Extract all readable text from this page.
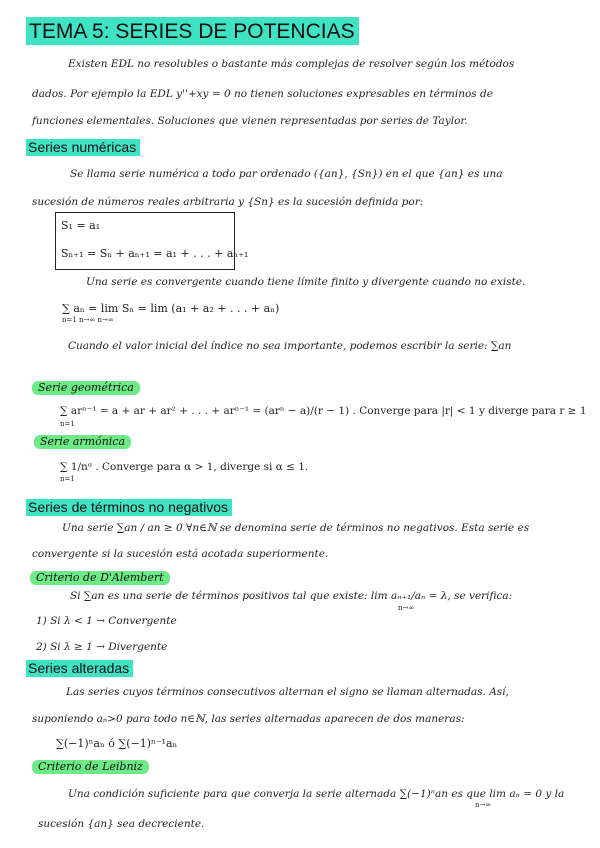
TEMA 5: SERIES DE POTENCIAS
Existen EDL no resolubles o bastante más complejas de resolver según los métodos
dados. Por ejemplo la EDL y''+xy = 0 no tienen soluciones expresables en términos de
funciones elementales. Soluciones que vienen representadas por series de Taylor.
Series numéricas
Se llama serie numérica a todo par ordenado ({an}, {Sn}) en el que {an} es una
sucesión de números reales arbitraria y {Sn} es la sucesión definida por:
S₁ = a₁
Sₙ₊₁ = Sₙ + aₙ₊₁ = a₁ + . . . + aₙ₊₁
Una serie es convergente cuando tiene límite finito y divergente cuando no existe.
∑ aₙ = lim Sₙ = lim (a₁ + a₂ + . . . + aₙ)
n=1 n→∞ n→∞
Cuando el valor inicial del índice no sea importante, podemos escribir la serie: ∑an
Serie geométrica
∑ arⁿ⁻¹ = a + ar + ar² + . . . + arⁿ⁻¹ = (arⁿ − a)/(r − 1) . Converge para |r| < 1 y diverge para r ≥ 1
n=1
Serie armónica
∑ 1/nᵅ . Converge para α > 1, diverge si α ≤ 1.
n=1
Series de términos no negativos
Una serie ∑an / an ≥ 0 ∀n∈ℕ se denomina serie de términos no negativos. Esta serie es
convergente si la sucesión está acotada superiormente.
Criterio de D'Alembert
Si ∑an es una serie de términos positivos tal que existe: lim aₙ₊₁/aₙ = λ, se verifica:
n→∞
1) Si λ < 1 → Convergente
2) Si λ ≥ 1 → Divergente
Series alteradas
Las series cuyos términos consecutivos alternan el signo se llaman alternadas. Así,
suponiendo aₙ>0 para todo n∈ℕ, las series alternadas aparecen de dos maneras:
∑(−1)ⁿaₙ ó ∑(−1)ⁿ⁻¹aₙ
Criterio de Leibniz
Una condición suficiente para que converja la serie alternada ∑(−1)ⁿan es que lim aₙ = 0 y la
n→∞
sucesión {an} sea decreciente.
